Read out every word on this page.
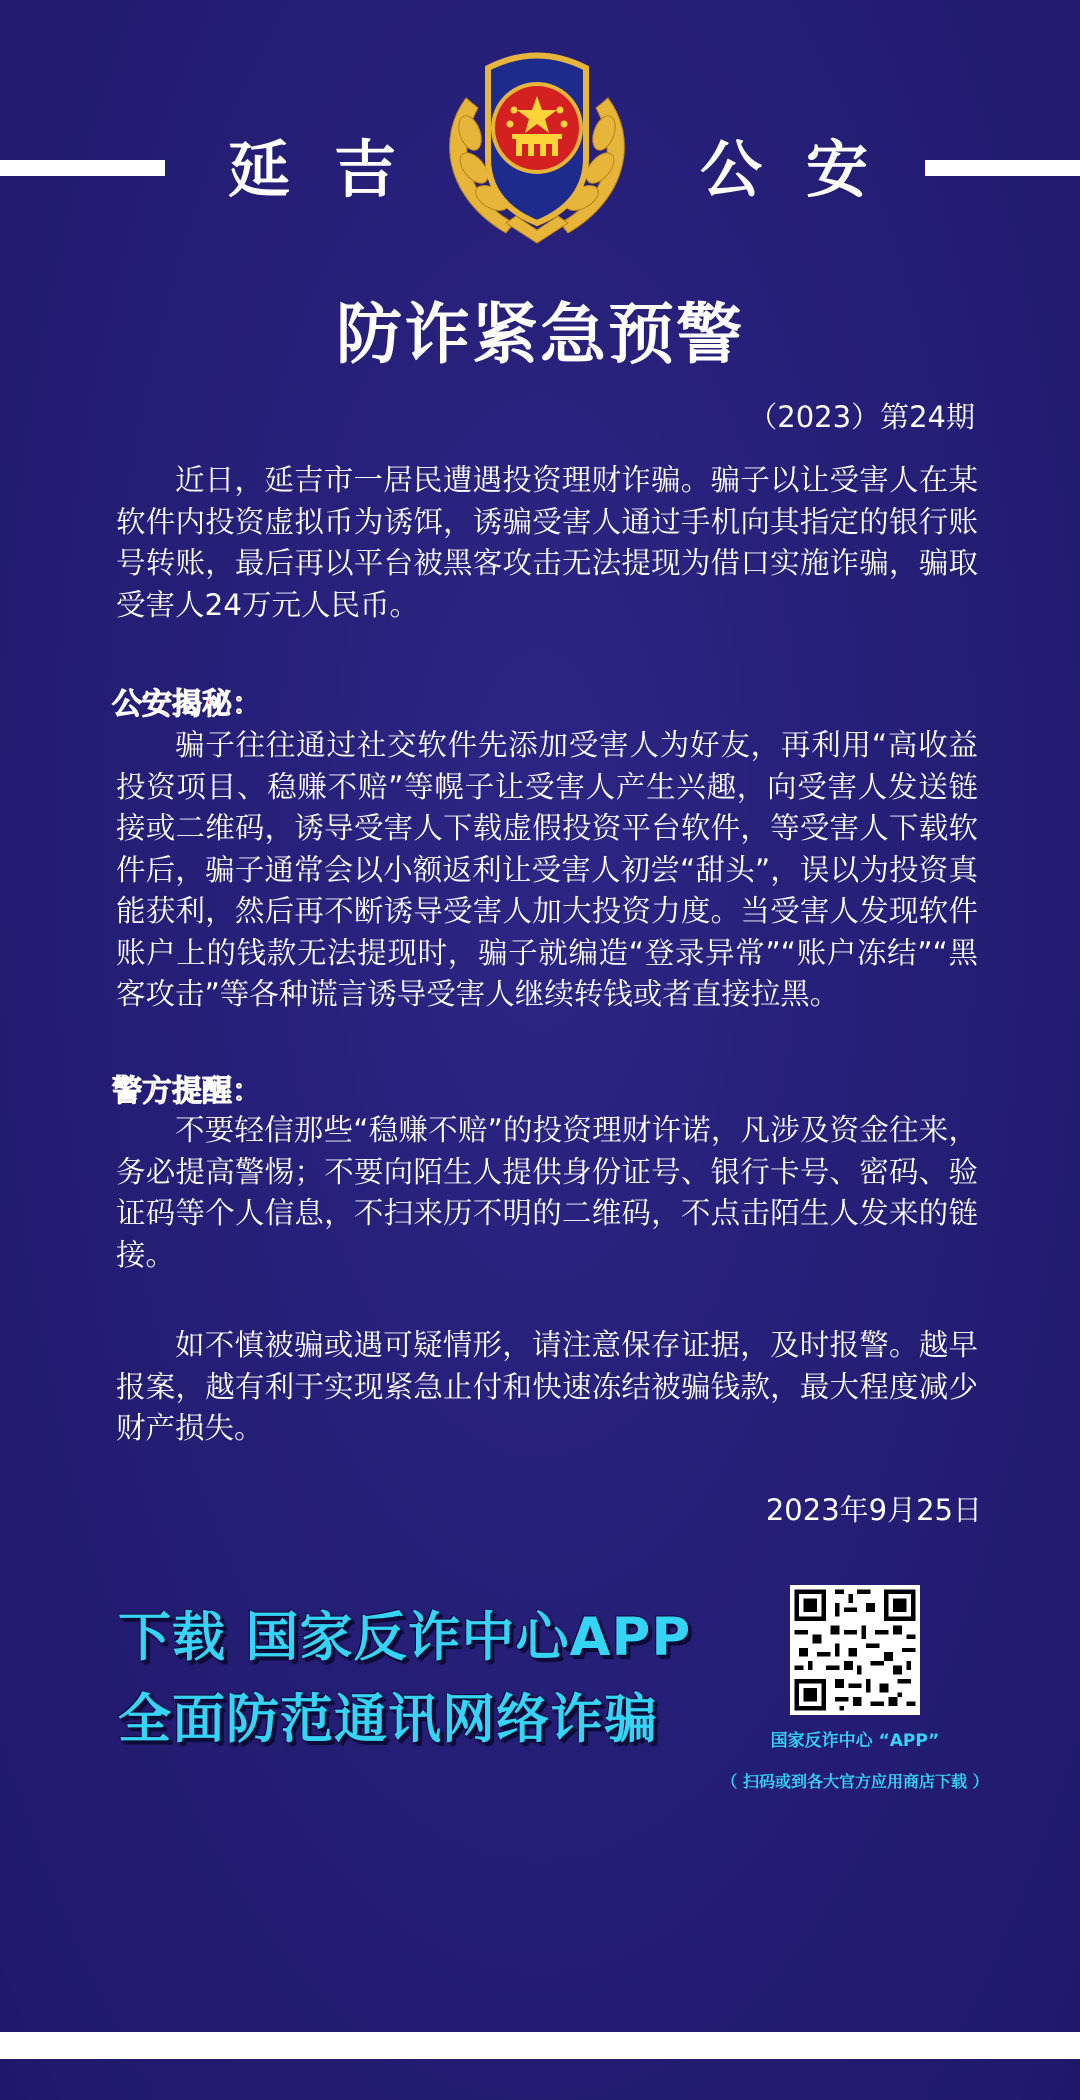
延吉	公安
防诈紧急预警
（2023）第24期

近日，延吉市一居民遭遇投资理财诈骗。骗子以让受害人在某软件内投资虚拟币为诱饵，诱骗受害人通过手机向其指定的银行账号转账，最后再以平台被黑客攻击无法提现为借口实施诈骗，骗取受害人24万元人民币。

公安揭秘：

骗子往往通过社交软件先添加受害人为好友，再利用“高收益投资项目、稳赚不赔”等幌子让受害人产生兴趣，向受害人发送链接或二维码，诱导受害人下载虚假投资平台软件，等受害人下载软件后，骗子通常会以小额返利让受害人初尝“甜头”，误以为投资真能获利，然后再不断诱导受害人加大投资力度。当受害人发现软件账户上的钱款无法提现时，骗子就编造“登录异常”“账户冻结”“黑客攻击”等各种谎言诱导受害人继续转钱或者直接拉黑。

警方提醒：

不要轻信那些“稳赚不赔”的投资理财许诺，凡涉及资金往来，务必提高警惕；不要向陌生人提供身份证号、银行卡号、密码、验证码等个人信息，不扫来历不明的二维码，不点击陌生人发来的链接。

如不慎被骗或遇可疑情形，请注意保存证据，及时报警。越早报案，越有利于实现紧急止付和快速冻结被骗钱款，最大程度减少财产损失。

2023年9月25日
下载 国家反诈中心APP
全面防范通讯网络诈骗	国家反诈中心 “APP”
（ 扫码或到各大官方应用商店下载 ）
